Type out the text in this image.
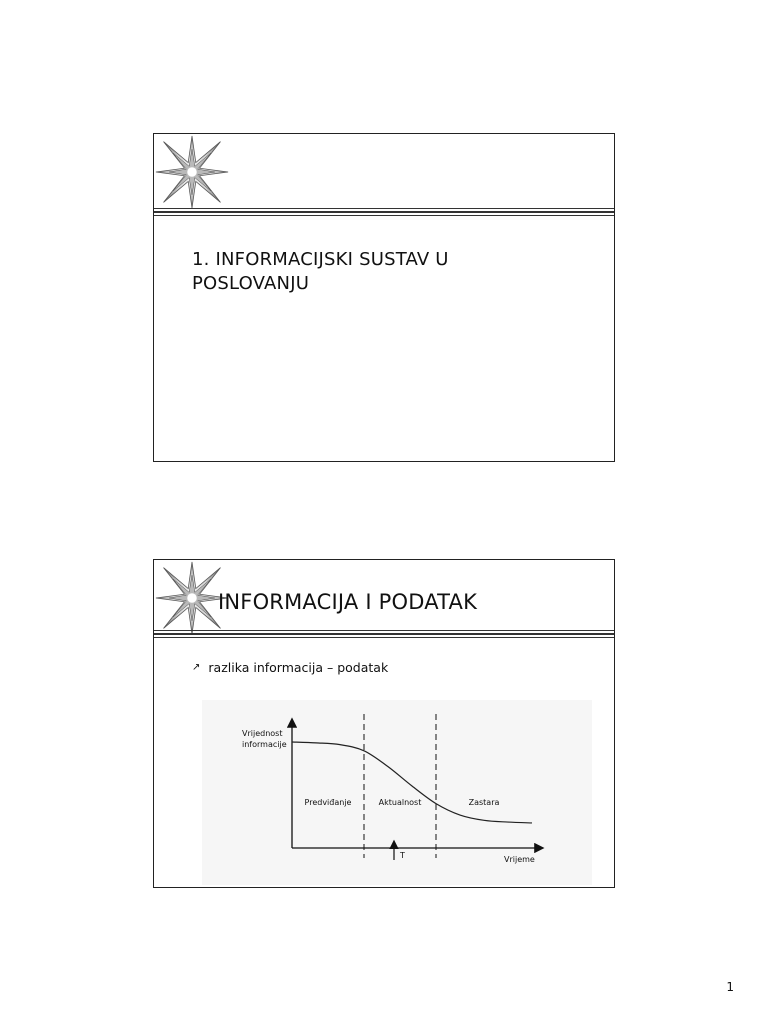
1. INFORMACIJSKI SUSTAV U
POSLOVANJU
INFORMACIJA I PODATAK
↗ razlika informacija – podatak
Vrijednost
informacije
Vrijeme
Predviđanje	Aktualnost	Zastara
T
1
